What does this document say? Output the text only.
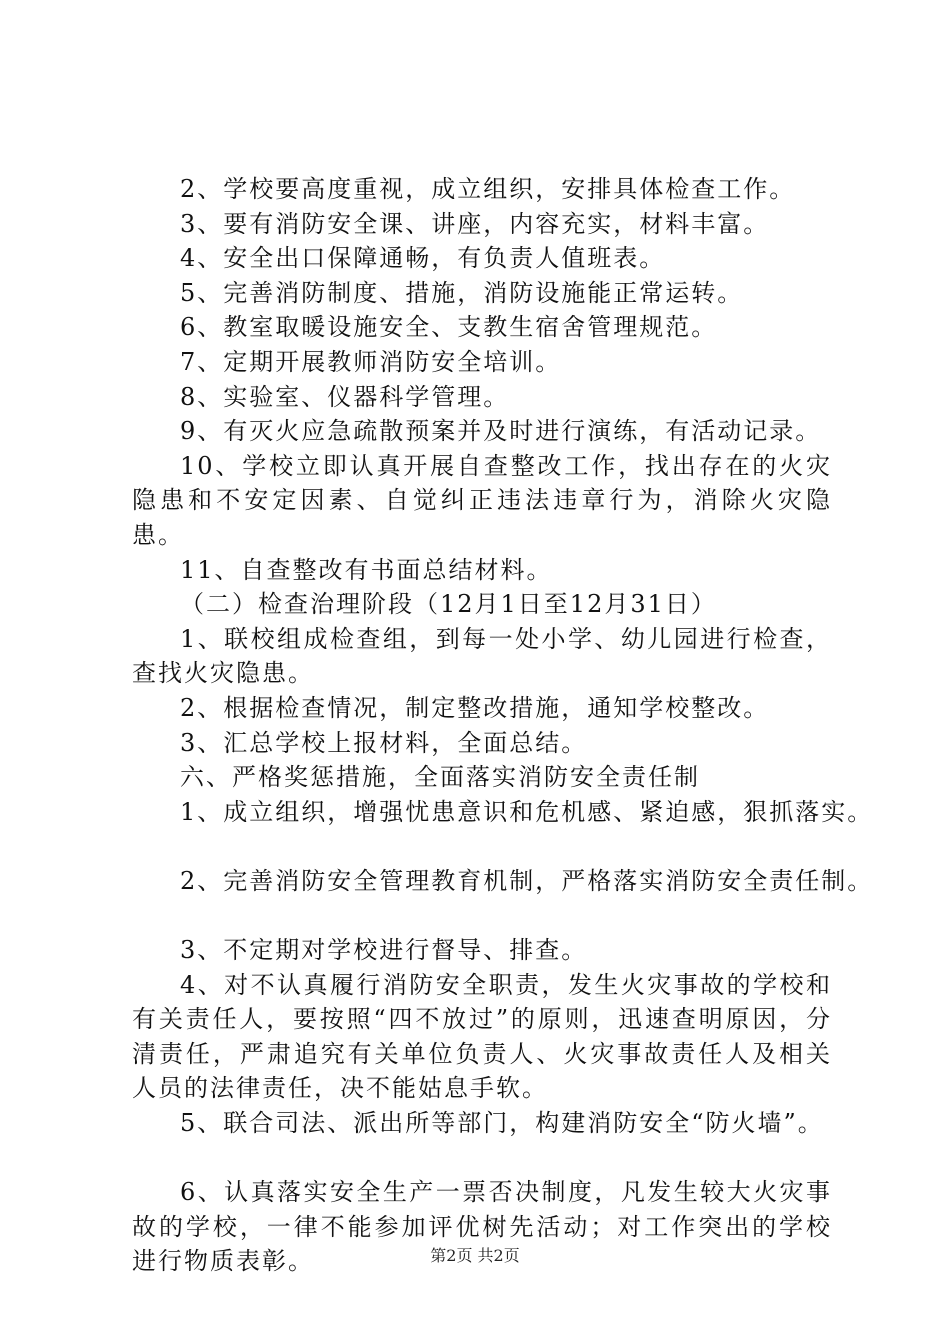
2、学校要高度重视，成立组织，安排具体检查工作。

3、要有消防安全课、讲座，内容充实，材料丰富。

4、安全出口保障通畅，有负责人值班表。

5、完善消防制度、措施，消防设施能正常运转。

6、教室取暖设施安全、支教生宿舍管理规范。

7、定期开展教师消防安全培训。

8、实验室、仪器科学管理。

9、有灭火应急疏散预案并及时进行演练，有活动记录。

10、学校立即认真开展自查整改工作，找出存在的火灾隐患和不安定因素、自觉纠正违法违章行为，消除火灾隐患。

11、自查整改有书面总结材料。

（二）检查治理阶段（12月1日至12月31日）

1、联校组成检查组，到每一处小学、幼儿园进行检查，查找火灾隐患。

2、根据检查情况，制定整改措施，通知学校整改。

3、汇总学校上报材料，全面总结。

六、严格奖惩措施，全面落实消防安全责任制

1、成立组织，增强忧患意识和危机感、紧迫感，狠抓落实。

2、完善消防安全管理教育机制，严格落实消防安全责任制。

3、不定期对学校进行督导、排查。

4、对不认真履行消防安全职责，发生火灾事故的学校和有关责任人，要按照“四不放过”的原则，迅速查明原因，分清责任，严肃追究有关单位负责人、火灾事故责任人及相关人员的法律责任，决不能姑息手软。

5、联合司法、派出所等部门，构建消防安全“防火墙”。

6、认真落实安全生产一票否决制度，凡发生较大火灾事故的学校，一律不能参加评优树先活动；对工作突出的学校进行物质表彰。	第2页 共2页
